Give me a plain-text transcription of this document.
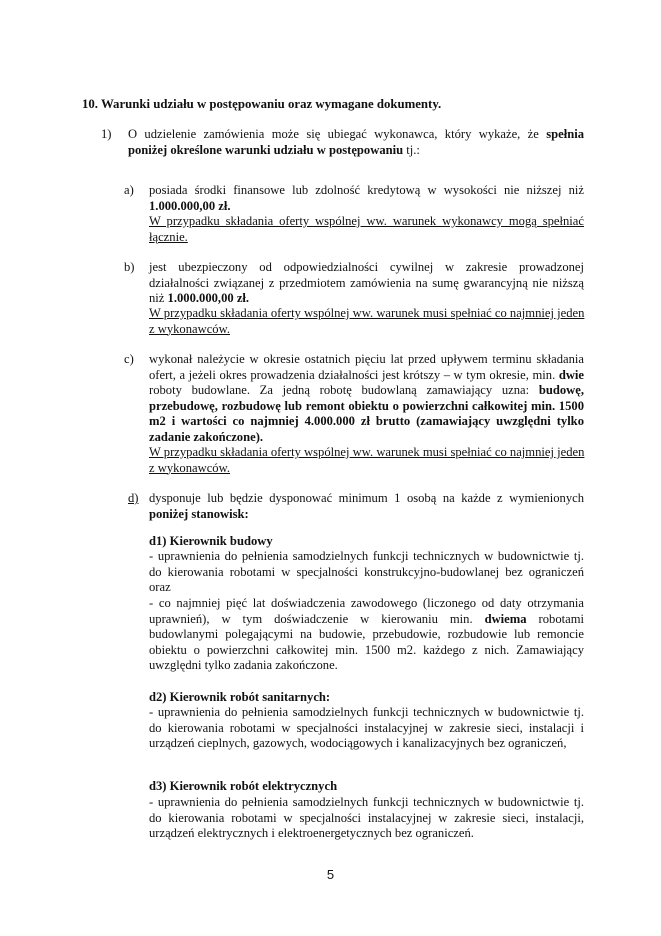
10. Warunki udziału w postępowaniu oraz wymagane dokumenty.
1) O udzielenie zamówienia może się ubiegać wykonawca, który wykaże, że spełnia poniżej określone warunki udziału w postępowaniu tj.:
a) posiada środki finansowe lub zdolność kredytową w wysokości nie niższej niż 1.000.000,00 zł.
W przypadku składania oferty wspólnej ww. warunek wykonawcy mogą spełniać łącznie.
b) jest ubezpieczony od odpowiedzialności cywilnej w zakresie prowadzonej działalności związanej z przedmiotem zamówienia na sumę gwarancyjną nie niższą niż 1.000.000,00 zł.
W przypadku składania oferty wspólnej ww. warunek musi spełniać co najmniej jeden z wykonawców.
c) wykonał należycie w okresie ostatnich pięciu lat przed upływem terminu składania ofert, a jeżeli okres prowadzenia działalności jest krótszy – w tym okresie, min. dwie roboty budowlane. Za jedną robotę budowlaną zamawiający uzna: budowę, przebudowę, rozbudowę lub remont obiektu o powierzchni całkowitej min. 1500 m2 i wartości co najmniej 4.000.000 zł brutto (zamawiający uwzględni tylko zadanie zakończone).
W przypadku składania oferty wspólnej ww. warunek musi spełniać co najmniej jeden z wykonawców.
d) dysponuje lub będzie dysponować minimum 1 osobą na każde z wymienionych poniżej stanowisk:
d1) Kierownik budowy
- uprawnienia do pełnienia samodzielnych funkcji technicznych w budownictwie tj. do kierowania robotami w specjalności konstrukcyjno-budowlanej bez ograniczeń oraz
- co najmniej pięć lat doświadczenia zawodowego (liczonego od daty otrzymania uprawnień), w tym doświadczenie w kierowaniu min. dwiema robotami budowlanymi polegającymi na budowie, przebudowie, rozbudowie lub remoncie obiektu o powierzchni całkowitej min. 1500 m2. każdego z nich. Zamawiający uwzględni tylko zadania zakończone.
d2) Kierownik robót sanitarnych:
- uprawnienia do pełnienia samodzielnych funkcji technicznych w budownictwie tj. do kierowania robotami w specjalności instalacyjnej w zakresie sieci, instalacji i urządzeń cieplnych, gazowych, wodociągowych i kanalizacyjnych bez ograniczeń,
d3) Kierownik robót elektrycznych
- uprawnienia do pełnienia samodzielnych funkcji technicznych w budownictwie tj. do kierowania robotami w specjalności instalacyjnej w zakresie sieci, instalacji, urządzeń elektrycznych i elektroenergetycznych bez ograniczeń.
5
